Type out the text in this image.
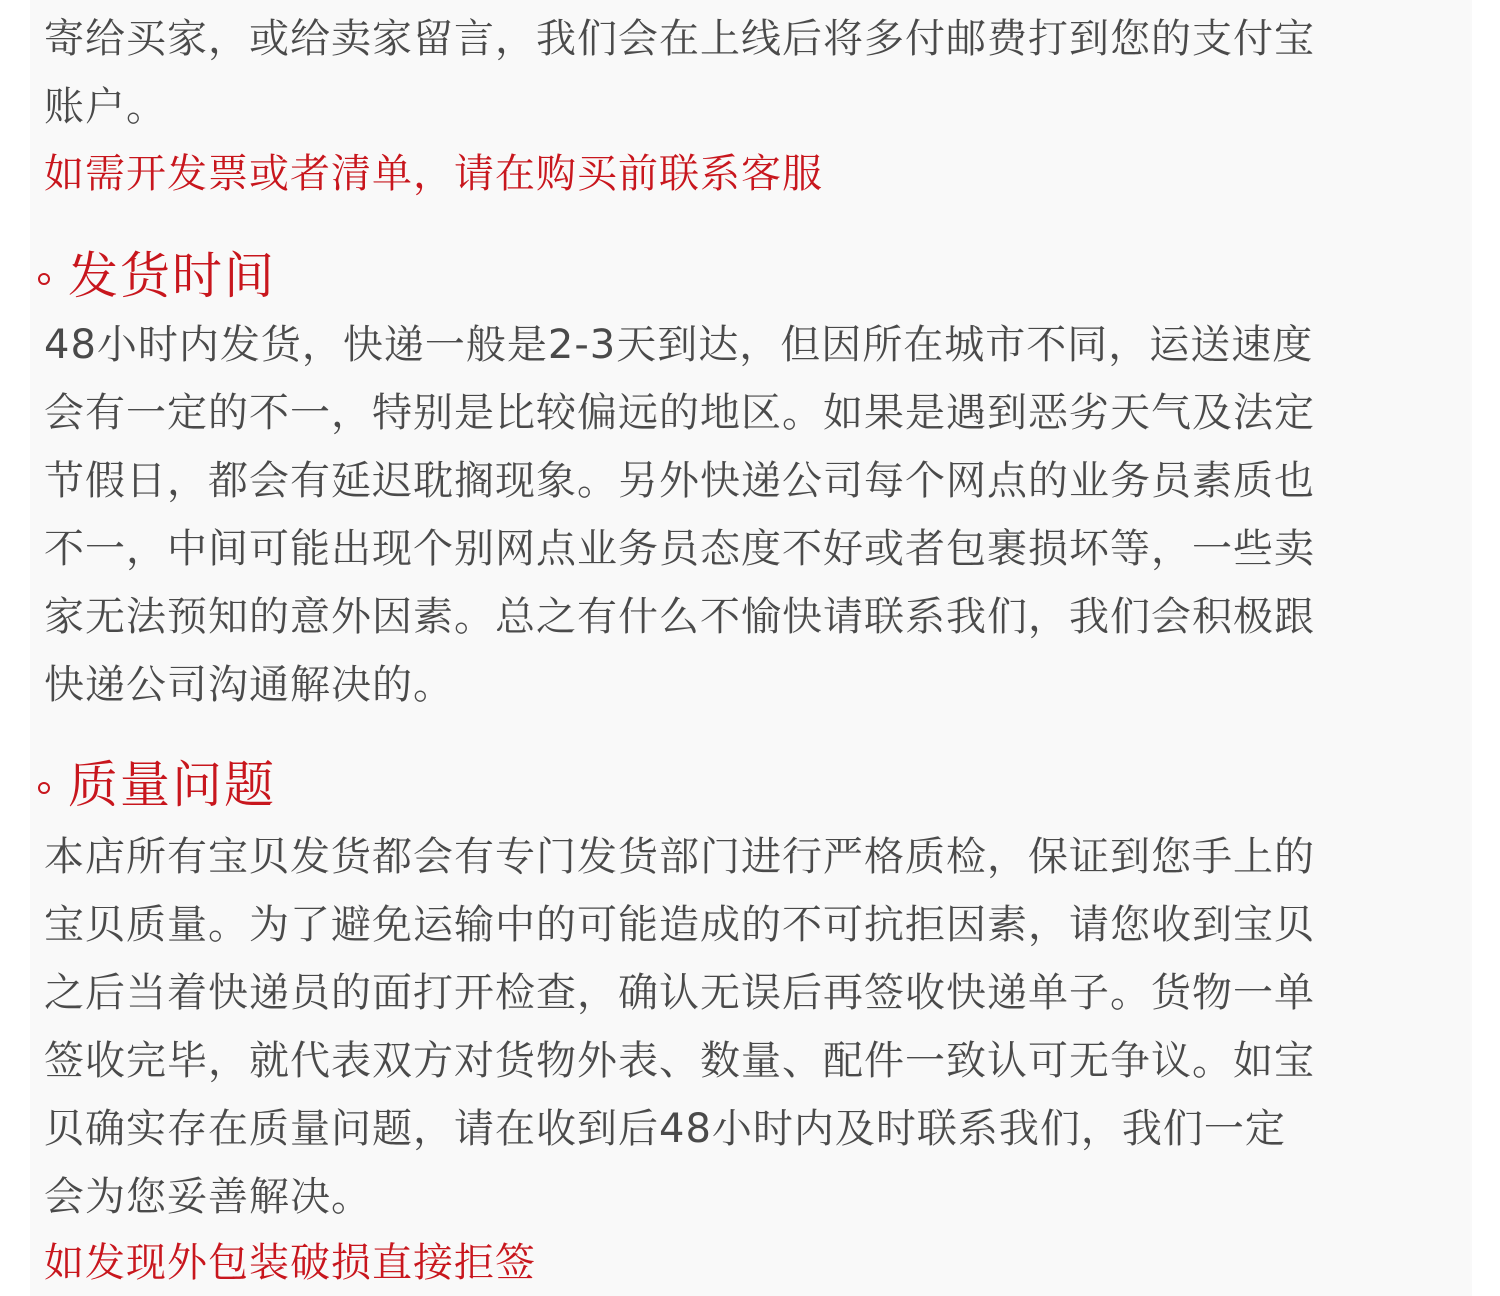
寄给买家，或给卖家留言，我们会在上线后将多付邮费打到您的支付宝
账户。
如需开发票或者清单，请在购买前联系客服
发货时间
48小时内发货，快递一般是2-3天到达，但因所在城市不同，运送速度
会有一定的不一，特别是比较偏远的地区。如果是遇到恶劣天气及法定
节假日，都会有延迟耽搁现象。另外快递公司每个网点的业务员素质也
不一，中间可能出现个别网点业务员态度不好或者包裹损坏等，一些卖
家无法预知的意外因素。总之有什么不愉快请联系我们，我们会积极跟
快递公司沟通解决的。
质量问题
本店所有宝贝发货都会有专门发货部门进行严格质检，保证到您手上的
宝贝质量。为了避免运输中的可能造成的不可抗拒因素，请您收到宝贝
之后当着快递员的面打开检查，确认无误后再签收快递单子。货物一单
签收完毕，就代表双方对货物外表、数量、配件一致认可无争议。如宝
贝确实存在质量问题，请在收到后48小时内及时联系我们，我们一定
会为您妥善解决。
如发现外包装破损直接拒签
